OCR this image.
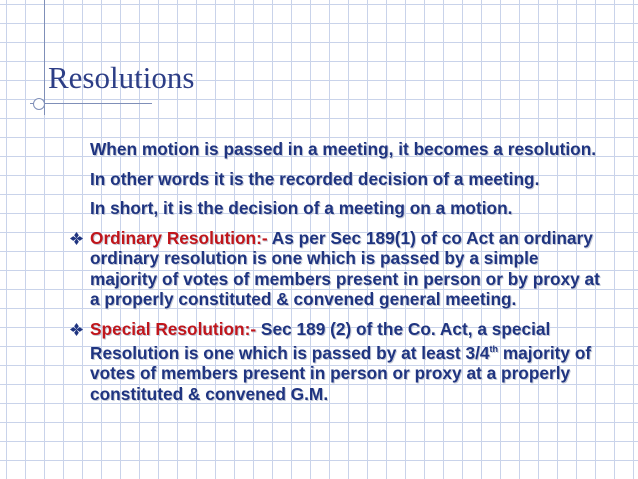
Resolutions

When motion is passed in a meeting, it becomes a resolution.

In other words it is the recorded decision of a meeting.

In short, it is the decision of a meeting on a motion.

Ordinary Resolution:- As per Sec 189(1) of co Act an ordinary ordinary resolution is one which is passed by a simple majority of votes of members present in person or by proxy at a properly constituted & convened general meeting.
Special Resolution:- Sec 189 (2) of the Co. Act, a special Resolution is one which is passed by at least 3/4th majority of votes of members present in person or proxy at a properly constituted & convened G.M.
